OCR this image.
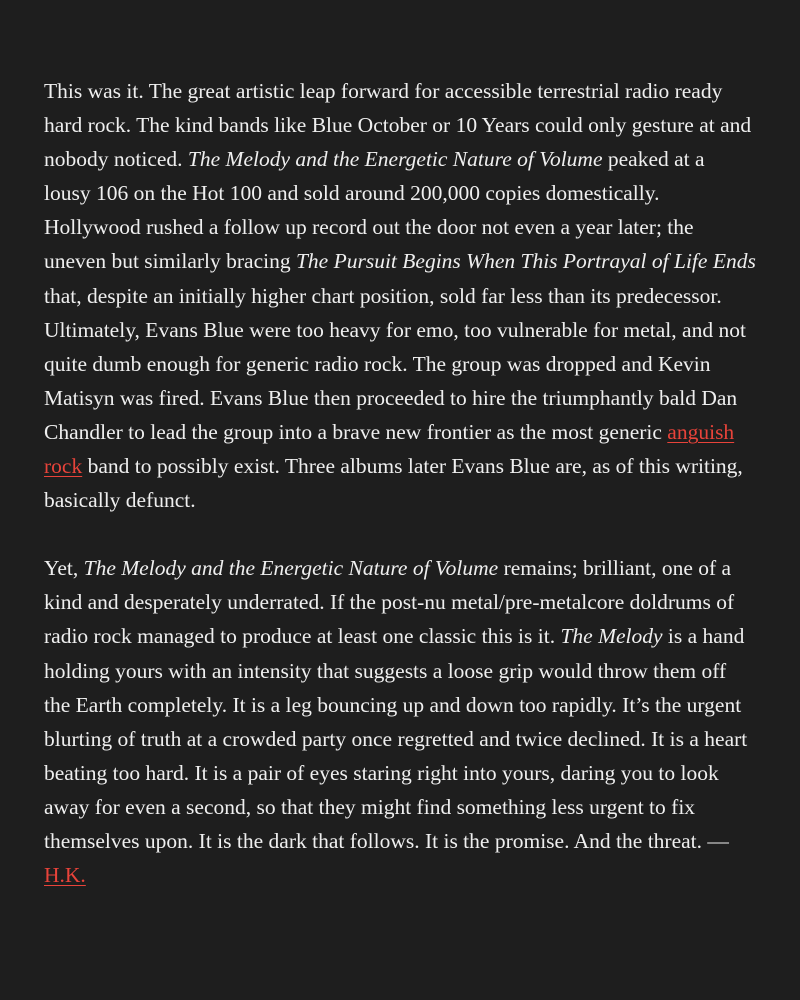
This was it. The great artistic leap forward for accessible terrestrial radio ready hard rock. The kind bands like Blue October or 10 Years could only gesture at and nobody noticed. The Melody and the Energetic Nature of Volume peaked at a lousy 106 on the Hot 100 and sold around 200,000 copies domestically. Hollywood rushed a follow up record out the door not even a year later; the uneven but similarly bracing The Pursuit Begins When This Portrayal of Life Ends that, despite an initially higher chart position, sold far less than its predecessor. Ultimately, Evans Blue were too heavy for emo, too vulnerable for metal, and not quite dumb enough for generic radio rock. The group was dropped and Kevin Matisyn was fired. Evans Blue then proceeded to hire the triumphantly bald Dan Chandler to lead the group into a brave new frontier as the most generic anguish rock band to possibly exist. Three albums later Evans Blue are, as of this writing, basically defunct.

Yet, The Melody and the Energetic Nature of Volume remains; brilliant, one of a kind and desperately underrated. If the post-nu metal/pre-metalcore doldrums of radio rock managed to produce at least one classic this is it. The Melody is a hand holding yours with an intensity that suggests a loose grip would throw them off the Earth completely. It is a leg bouncing up and down too rapidly. It’s the urgent blurting of truth at a crowded party once regretted and twice declined. It is a heart beating too hard. It is a pair of eyes staring right into yours, daring you to look away for even a second, so that they might find something less urgent to fix themselves upon. It is the dark that follows. It is the promise. And the threat. — H.K.
